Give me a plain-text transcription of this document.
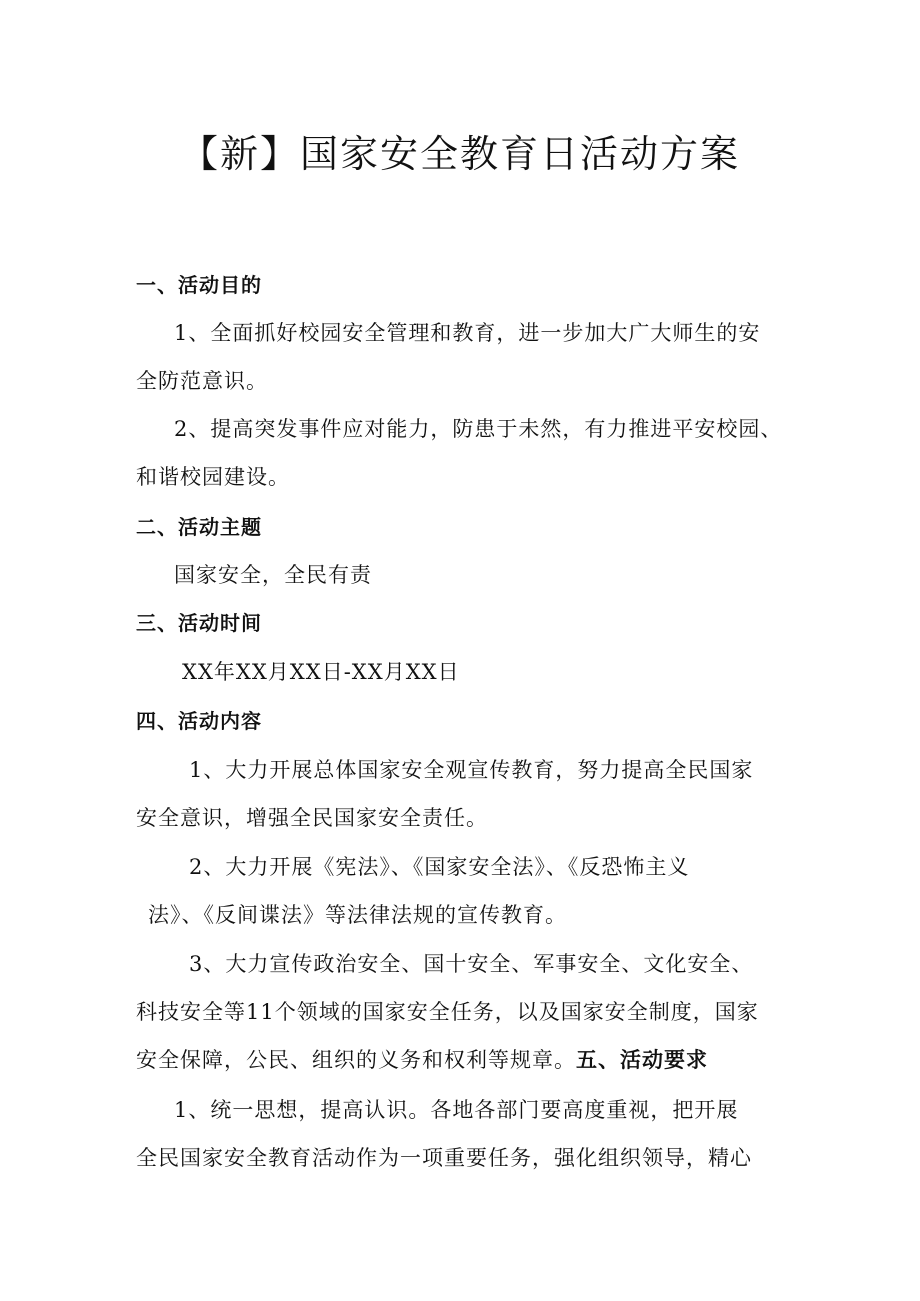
【新】国家安全教育日活动方案
一、活动目的
1、全面抓好校园安全管理和教育，进一步加大广大师生的安
全防范意识。
2、提高突发事件应对能力，防患于未然，有力推进平安校园、
和谐校园建设。
二、活动主题
国家安全，全民有责
三、活动时间
XX年XX月XX日-XX月XX日
四、活动内容
1、大力开展总体国家安全观宣传教育，努力提高全民国家
安全意识，增强全民国家安全责任。
2、大力开展《宪法》、《国家安全法》、《反恐怖主义
法》、《反间谍法》等法律法规的宣传教育。
3、大力宣传政治安全、国十安全、军事安全、文化安全、
科技安全等11个领域的国家安全任务，以及国家安全制度，国家
安全保障，公民、组织的义务和权利等规章。五、活动要求
1、统一思想，提高认识。各地各部门要高度重视，把开展
全民国家安全教育活动作为一项重要任务，强化组织领导，精心
